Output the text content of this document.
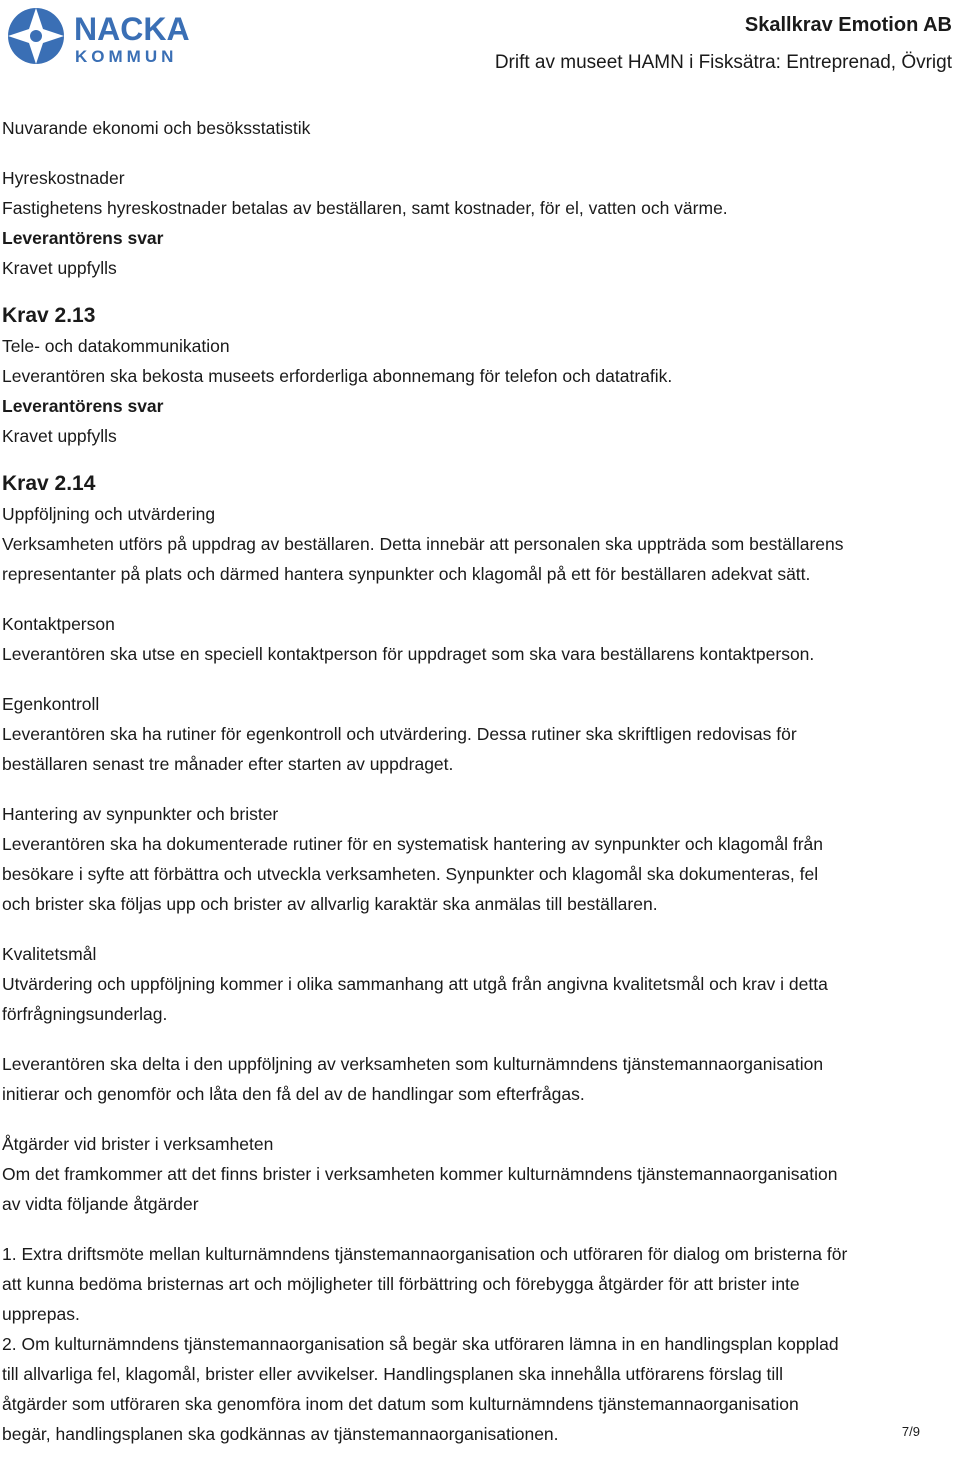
NACKA
KOMMUN
Skallkrav Emotion AB
Drift av museet HAMN i Fisksätra: Entreprenad, Övrigt

Nuvarande ekonomi och besöksstatistik

Hyreskostnader

Fastighetens hyreskostnader betalas av beställaren, samt kostnader, för el, vatten och värme.

Leverantörens svar

Kravet uppfylls

Krav 2.13

Tele- och datakommunikation

Leverantören ska bekosta museets erforderliga abonnemang för telefon och datatrafik.

Leverantörens svar

Kravet uppfylls

Krav 2.14

Uppföljning och utvärdering

Verksamheten utförs på uppdrag av beställaren. Detta innebär att personalen ska uppträda som beställarens

representanter på plats och därmed hantera synpunkter och klagomål på ett för beställaren adekvat sätt.

Kontaktperson

Leverantören ska utse en speciell kontaktperson för uppdraget som ska vara beställarens kontaktperson.

Egenkontroll

Leverantören ska ha rutiner för egenkontroll och utvärdering. Dessa rutiner ska skriftligen redovisas för

beställaren senast tre månader efter starten av uppdraget.

Hantering av synpunkter och brister

Leverantören ska ha dokumenterade rutiner för en systematisk hantering av synpunkter och klagomål från

besökare i syfte att förbättra och utveckla verksamheten. Synpunkter och klagomål ska dokumenteras, fel

och brister ska följas upp och brister av allvarlig karaktär ska anmälas till beställaren.

Kvalitetsmål

Utvärdering och uppföljning kommer i olika sammanhang att utgå från angivna kvalitetsmål och krav i detta

förfrågningsunderlag.

Leverantören ska delta i den uppföljning av verksamheten som kulturnämndens tjänstemannaorganisation

initierar och genomför och låta den få del av de handlingar som efterfrågas.

Åtgärder vid brister i verksamheten

Om det framkommer att det finns brister i verksamheten kommer kulturnämndens tjänstemannaorganisation

av vidta följande åtgärder

1. Extra driftsmöte mellan kulturnämndens tjänstemannaorganisation och utföraren för dialog om bristerna för

att kunna bedöma bristernas art och möjligheter till förbättring och förebygga åtgärder för att brister inte

upprepas.

2. Om kulturnämndens tjänstemannaorganisation så begär ska utföraren lämna in en handlingsplan kopplad

till allvarliga fel, klagomål, brister eller avvikelser. Handlingsplanen ska innehålla utförarens förslag till

åtgärder som utföraren ska genomföra inom det datum som kulturnämndens tjänstemannaorganisation

begär, handlingsplanen ska godkännas av tjänstemannaorganisationen.	7/9
